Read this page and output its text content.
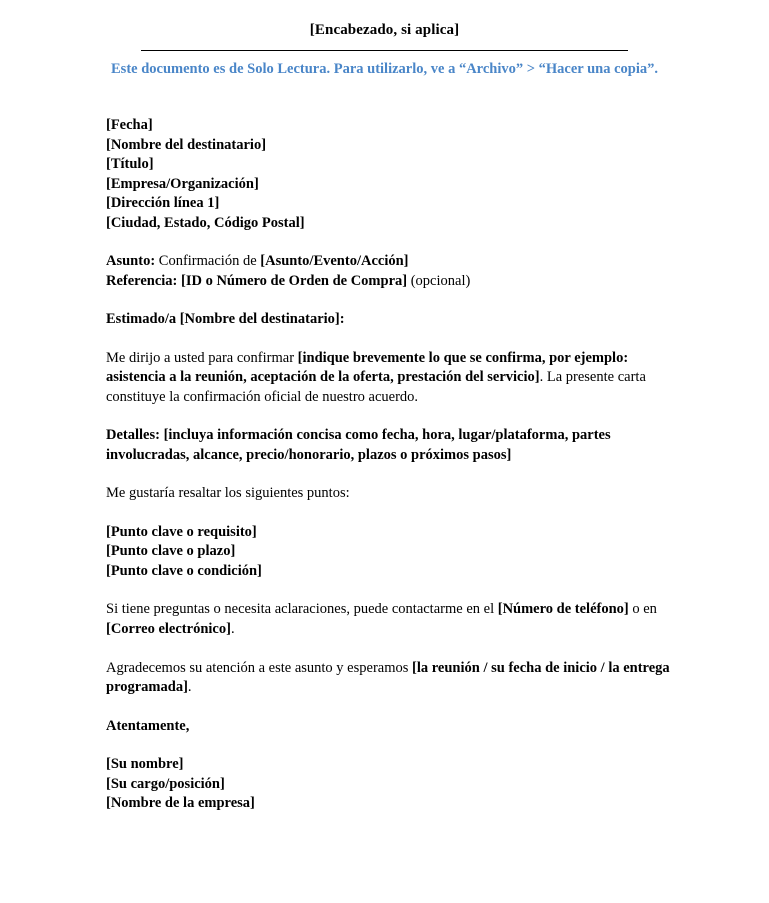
[Encabezado, si aplica]
Este documento es de Solo Lectura. Para utilizarlo, ve a “Archivo” > “Hacer una copia”.
[Fecha]
[Nombre del destinatario]
[Título]
[Empresa/Organización]
[Dirección línea 1]
[Ciudad, Estado, Código Postal]
Asunto: Confirmación de [Asunto/Evento/Acción]
Referencia: [ID o Número de Orden de Compra] (opcional)
Estimado/a [Nombre del destinatario]:

Me dirijo a usted para confirmar [indique brevemente lo que se confirma, por ejemplo: asistencia a la reunión, aceptación de la oferta, prestación del servicio]. La presente carta constituye la confirmación oficial de nuestro acuerdo.

Detalles: [incluya información concisa como fecha, hora, lugar/plataforma, partes involucradas, alcance, precio/honorario, plazos o próximos pasos]

Me gustaría resaltar los siguientes puntos:
[Punto clave o requisito]
[Punto clave o plazo]
[Punto clave o condición]

Si tiene preguntas o necesita aclaraciones, puede contactarme en el [Número de teléfono] o en [Correo electrónico].

Agradecemos su atención a este asunto y esperamos [la reunión / su fecha de inicio / la entrega programada].

Atentamente,
[Su nombre]
[Su cargo/posición]
[Nombre de la empresa]
